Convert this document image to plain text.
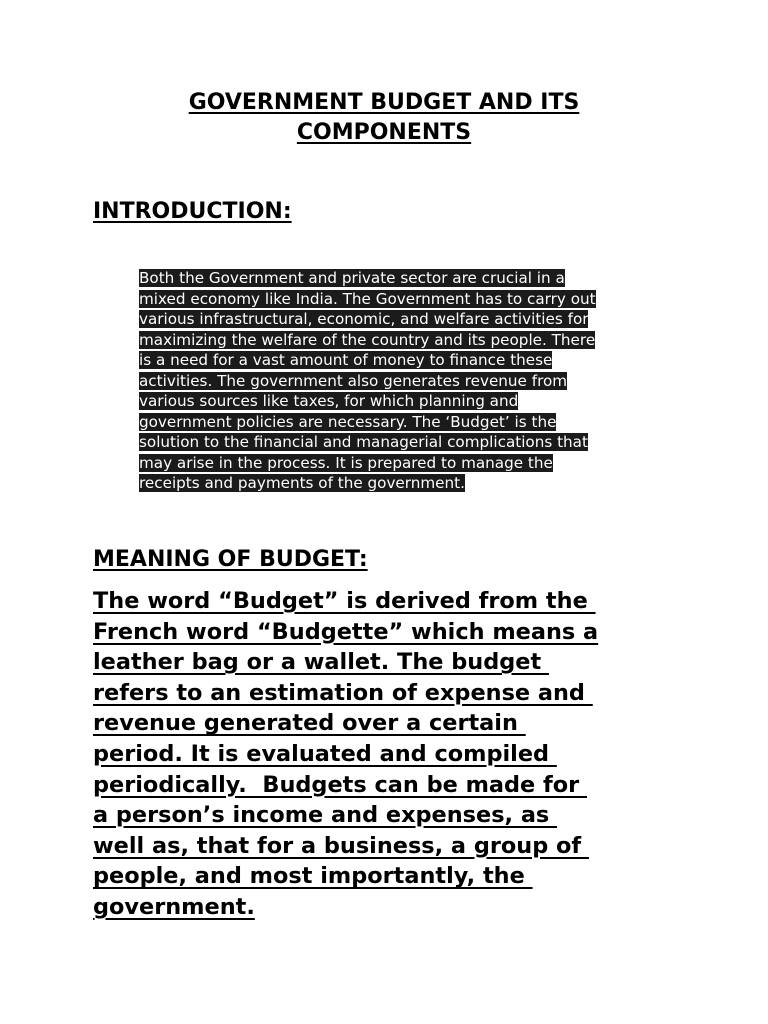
GOVERNMENT BUDGET AND ITS
COMPONENTS
INTRODUCTION:
Both the Government and private sector are crucial in a
mixed economy like India. The Government has to carry out
various infrastructural, economic, and welfare activities for
maximizing the welfare of the country and its people. There
is a need for a vast amount of money to finance these
activities. The government also generates revenue from
various sources like taxes, for which planning and
government policies are necessary. The ‘Budget’ is the
solution to the financial and managerial complications that
may arise in the process. It is prepared to manage the
receipts and payments of the government.
MEANING OF BUDGET:
The word “Budget” is derived from the
French word “Budgette” which means a
leather bag or a wallet. The budget
refers to an estimation of expense and
revenue generated over a certain
period. It is evaluated and compiled
periodically.  Budgets can be made for
a person’s income and expenses, as
well as, that for a business, a group of
people, and most importantly, the
government.
